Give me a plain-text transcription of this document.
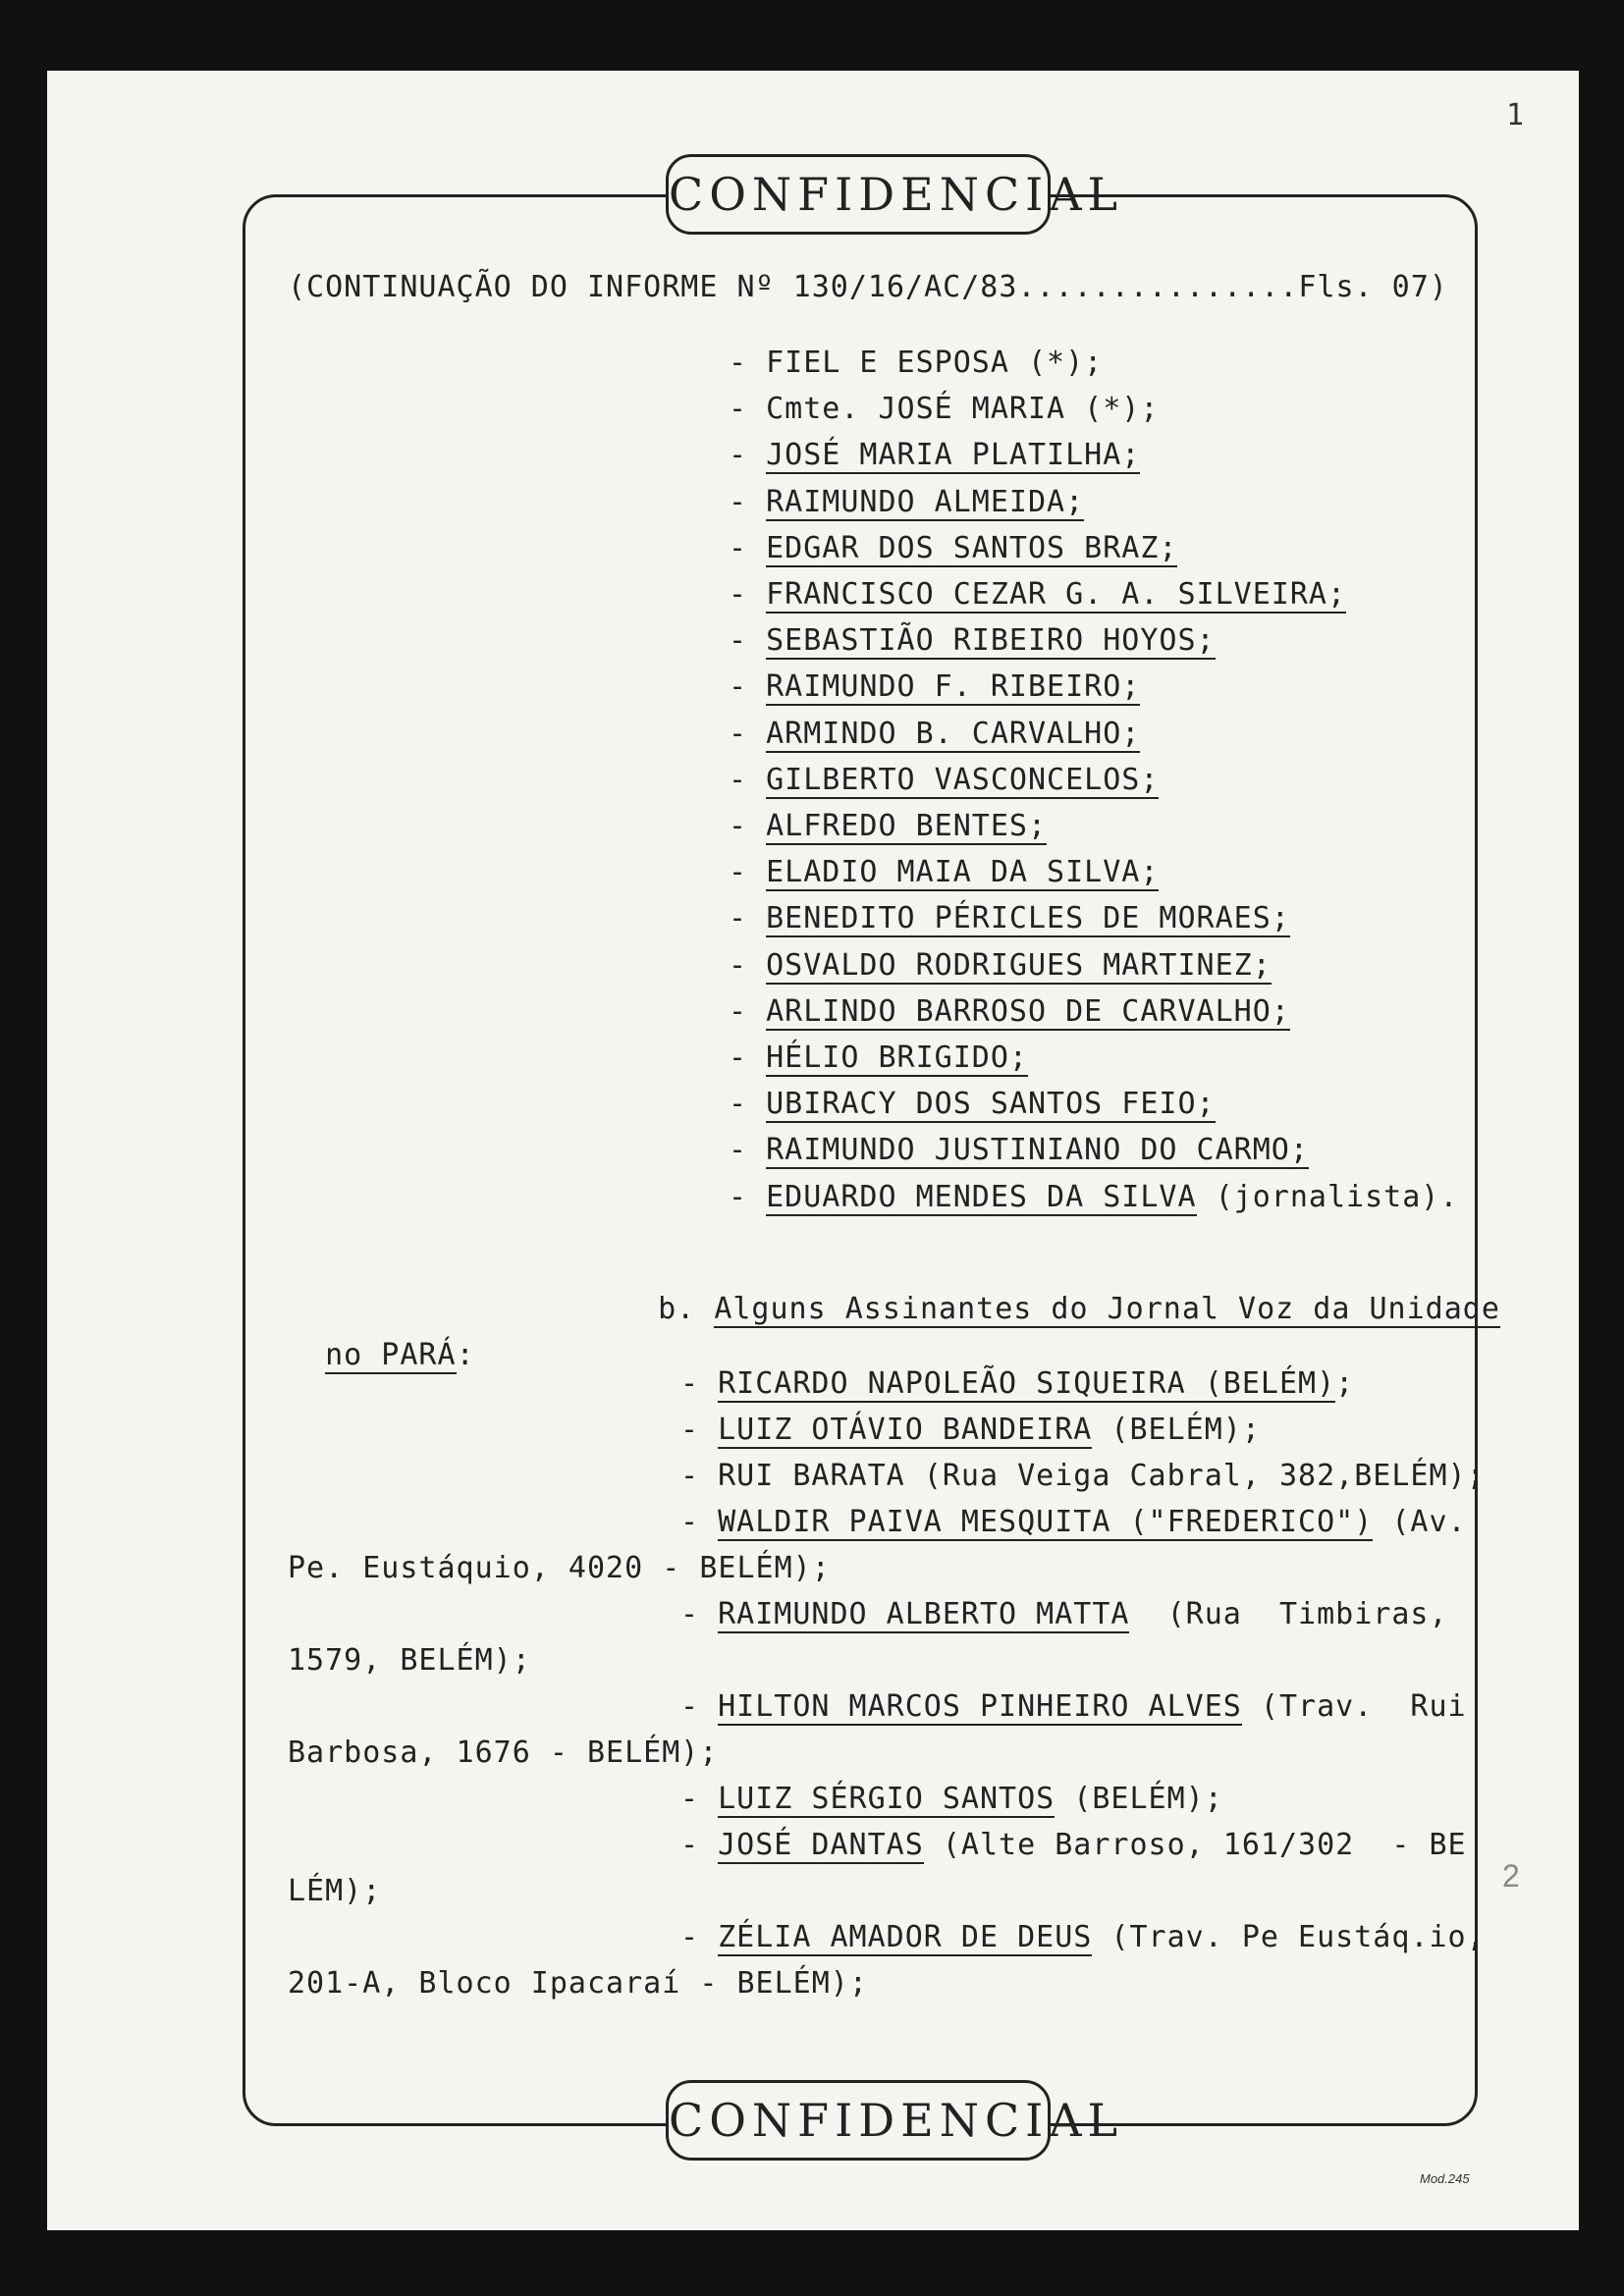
CONFIDENCIAL
CONFIDENCIAL
1
2
Mod.245
(CONTINUAÇÃO DO INFORME Nº 130/16/AC/83...............Fls. 07)
- FIEL E ESPOSA (*);
- Cmte. JOSÉ MARIA (*);
- JOSÉ MARIA PLATILHA;
- RAIMUNDO ALMEIDA;
- EDGAR DOS SANTOS BRAZ;
- FRANCISCO CEZAR G. A. SILVEIRA;
- SEBASTIÃO RIBEIRO HOYOS;
- RAIMUNDO F. RIBEIRO;
- ARMINDO B. CARVALHO;
- GILBERTO VASCONCELOS;
- ALFREDO BENTES;
- ELADIO MAIA DA SILVA;
- BENEDITO PÉRICLES DE MORAES;
- OSVALDO RODRIGUES MARTINEZ;
- ARLINDO BARROSO DE CARVALHO;
- HÉLIO BRIGIDO;
- UBIRACY DOS SANTOS FEIO;
- RAIMUNDO JUSTINIANO DO CARMO;
- EDUARDO MENDES DA SILVA (jornalista).

b. Alguns Assinantes do Jornal Voz da Unidade

no PARÁ:

- RICARDO NAPOLEÃO SIQUEIRA (BELÉM);
- LUIZ OTÁVIO BANDEIRA (BELÉM);
- RUI BARATA (Rua Veiga Cabral, 382,BELÉM);
- WALDIR PAIVA MESQUITA ("FREDERICO") (Av.
Pe. Eustáquio, 4020 - BELÉM);
- RAIMUNDO ALBERTO MATTA  (Rua  Timbiras,
1579, BELÉM);
- HILTON MARCOS PINHEIRO ALVES (Trav.  Rui
Barbosa, 1676 - BELÉM);
- LUIZ SÉRGIO SANTOS (BELÉM);
- JOSÉ DANTAS (Alte Barroso, 161/302  - BE
LÉM);
- ZÉLIA AMADOR DE DEUS (Trav. Pe Eustáq.io,
201-A, Bloco Ipacaraí - BELÉM);
